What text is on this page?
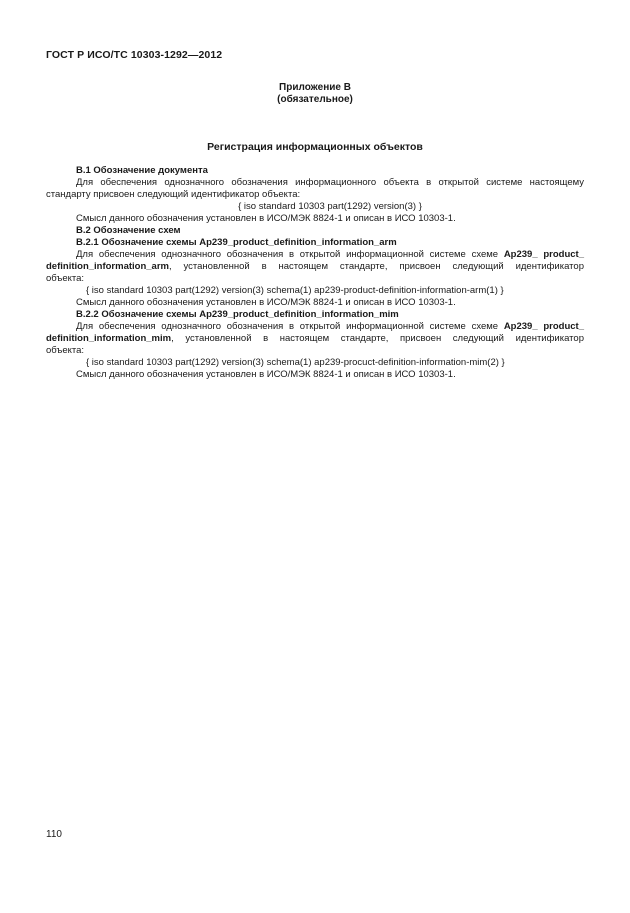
ГОСТ Р ИСО/ТС 10303-1292—2012
Приложение В
(обязательное)
Регистрация информационных объектов

В.1 Обозначение документа

Для обеспечения однозначного обозначения информационного объекта в открытой системе настоящему стандарту присвоен следующий идентификатор объекта:

{ iso standard 10303 part(1292) version(3) }

Смысл данного обозначения установлен в ИСО/МЭК 8824-1 и описан в ИСО 10303-1.

В.2 Обозначение схем

В.2.1 Обозначение схемы Ap239_product_definition_information_arm

Для обеспечения однозначного обозначения в открытой информационной системе схеме Ap239_ product_

definition_information_arm, установленной в настоящем стандарте, присвоен следующий идентификатор

объекта:

{ iso standard 10303 part(1292) version(3) schema(1) ap239-product-definition-information-arm(1) }

Смысл данного обозначения установлен в ИСО/МЭК 8824-1 и описан в ИСО 10303-1.

В.2.2 Обозначение схемы Ap239_product_definition_information_mim

Для обеспечения однозначного обозначения в открытой информационной системе схеме Ap239_ product_

definition_information_mim, установленной в настоящем стандарте, присвоен следующий идентификатор

объекта:

{ iso standard 10303 part(1292) version(3) schema(1) ap239-procuct-definition-information-mim(2) }

Смысл данного обозначения установлен в ИСО/МЭК 8824-1 и описан в ИСО 10303-1.

110
